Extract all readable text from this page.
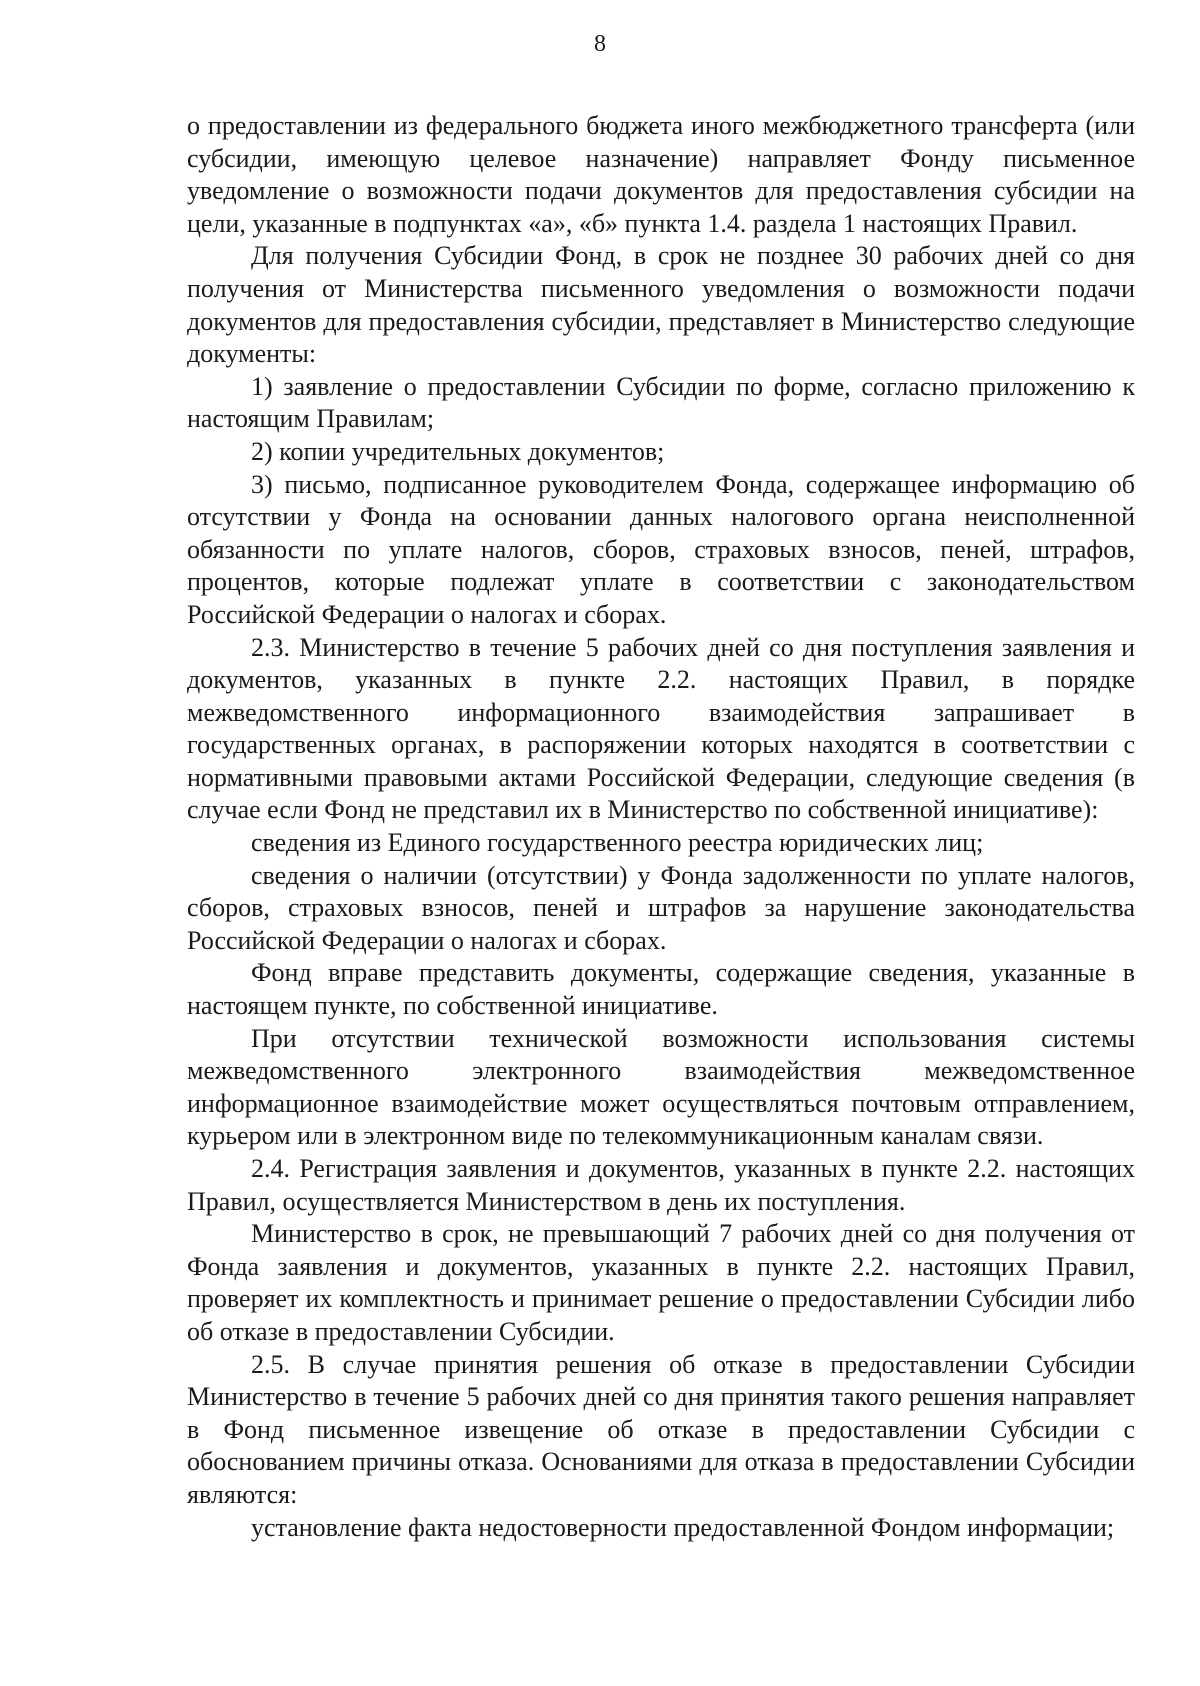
8

о предоставлении из федерального бюджета иного межбюджетного трансферта (или субсидии, имеющую целевое назначение) направляет Фонду письменное уведомление о возможности подачи документов для предоставления субсидии на цели, указанные в подпунктах «а», «б» пункта 1.4. раздела 1 настоящих Правил.

Для получения Субсидии Фонд, в срок не позднее 30 рабочих дней со дня получения от Министерства письменного уведомления о возможности подачи документов для предоставления субсидии, представляет в Министерство следующие документы:

1) заявление о предоставлении Субсидии по форме, согласно приложению к настоящим Правилам;

2) копии учредительных документов;

3) письмо, подписанное руководителем Фонда, содержащее информацию об отсутствии у Фонда на основании данных налогового органа неисполненной обязанности по уплате налогов, сборов, страховых взносов, пеней, штрафов, процентов, которые подлежат уплате в соответствии с законодательством Российской Федерации о налогах и сборах.

2.3. Министерство в течение 5 рабочих дней со дня поступления заявления и документов, указанных в пункте 2.2. настоящих Правил, в порядке межведомственного информационного взаимодействия запрашивает в государственных органах, в распоряжении которых находятся в соответствии с нормативными правовыми актами Российской Федерации, следующие сведения (в случае если Фонд не представил их в Министерство по собственной инициативе):

сведения из Единого государственного реестра юридических лиц;

сведения о наличии (отсутствии) у Фонда задолженности по уплате налогов, сборов, страховых взносов, пеней и штрафов за нарушение законодательства Российской Федерации о налогах и сборах.

Фонд вправе представить документы, содержащие сведения, указанные в настоящем пункте, по собственной инициативе.

При отсутствии технической возможности использования системы межведомственного электронного взаимодействия межведомственное информационное взаимодействие может осуществляться почтовым отправлением, курьером или в электронном виде по телекоммуникационным каналам связи.

2.4. Регистрация заявления и документов, указанных в пункте 2.2. настоящих Правил, осуществляется Министерством в день их поступления.

Министерство в срок, не превышающий 7 рабочих дней со дня получения от Фонда заявления и документов, указанных в пункте 2.2. настоящих Правил, проверяет их комплектность и принимает решение о предоставлении Субсидии либо об отказе в предоставлении Субсидии.

2.5. В случае принятия решения об отказе в предоставлении Субсидии Министерство в течение 5 рабочих дней со дня принятия такого решения направляет в Фонд письменное извещение об отказе в предоставлении Субсидии с обоснованием причины отказа. Основаниями для отказа в предоставлении Субсидии являются:

установление факта недостоверности предоставленной Фондом информации;
